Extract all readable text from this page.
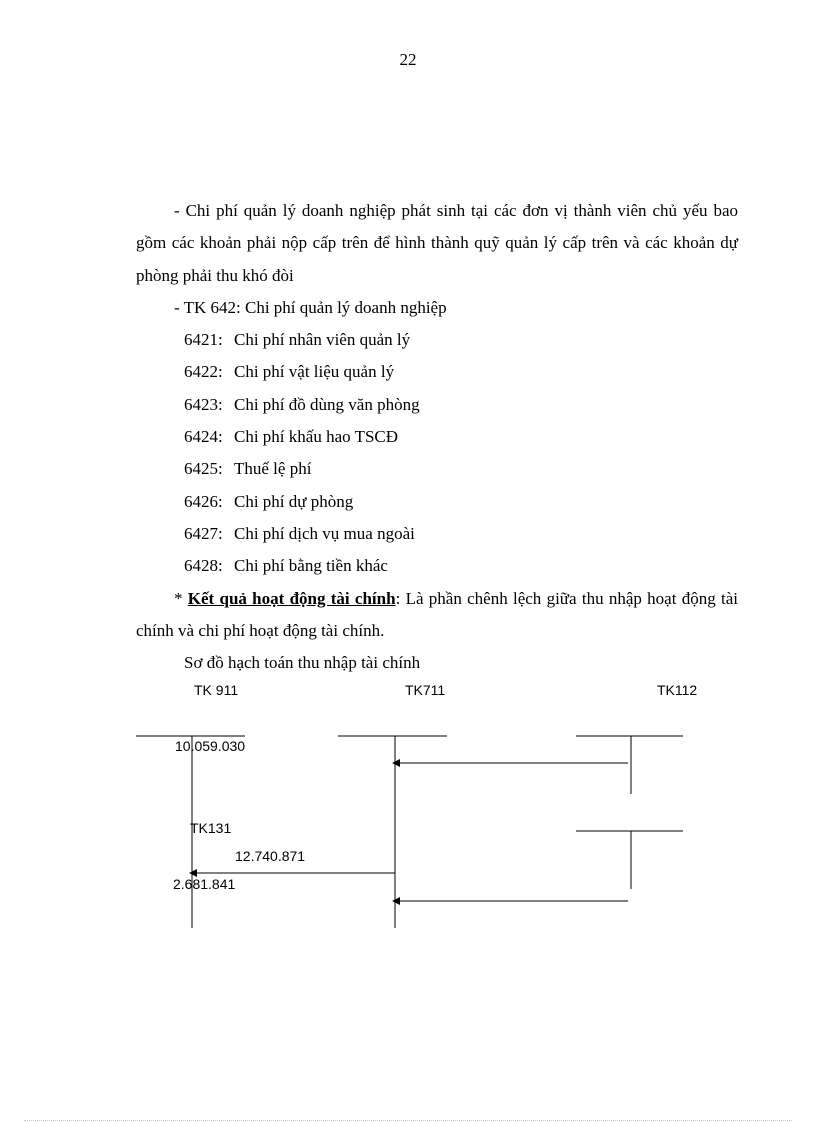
22
- Chi phí quản lý doanh nghiệp phát sinh tại các đơn vị thành viên chủ yếu bao gồm các khoản phải nộp cấp trên để hình thành quỹ quản lý cấp trên và các khoản dự phòng phải thu khó đòi
- TK 642: Chi phí quản lý doanh nghiệp
6421: Chi phí nhân viên quản lý
6422: Chi phí vật liệu quản lý
6423: Chi phí đồ dùng văn phòng
6424: Chi phí khấu hao TSCĐ
6425: Thuế lệ phí
6426: Chi phí dự phòng
6427: Chi phí dịch vụ mua ngoài
6428: Chi phí bằng tiền khác
* Kết quả hoạt động tài chính: Là phần chênh lệch giữa thu nhập hoạt động tài chính và chi phí hoạt động tài chính.
Sơ đồ hạch toán thu nhập tài chính
TK 911	TK711	TK112
10.059.030
TK131
12.740.871
2.681.841
